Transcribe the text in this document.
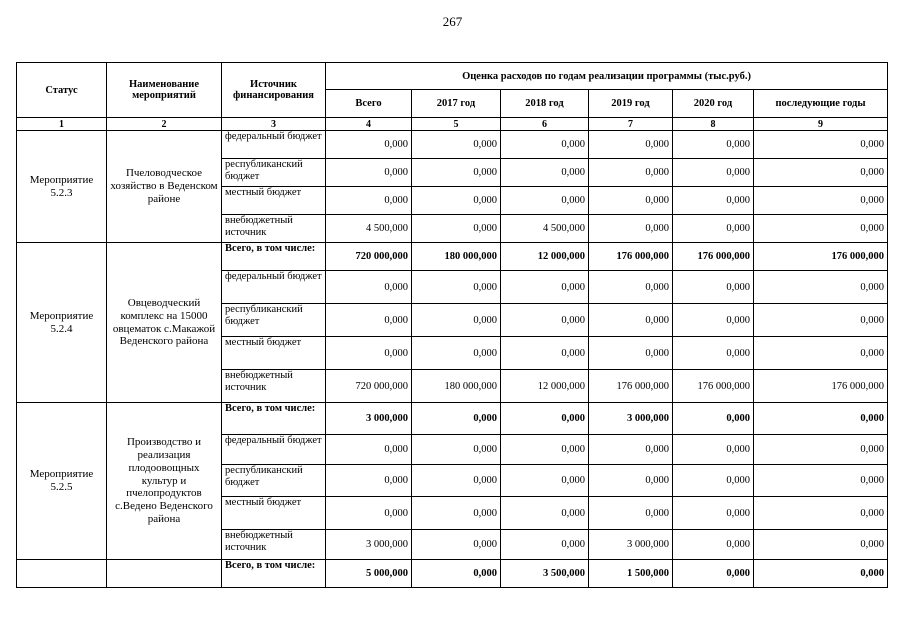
267
Статус	Наименование мероприятий	Источник финансирования	Оценка расходов по годам реализации программы (тыс.руб.)					
			Всего	2017 год	2018 год	2019 год	2020 год	последующие годы
1	2	3	4	5	6	7	8	9
Мероприятие 5.2.3	Пчеловодческое хозяйство в Веденском районе	федеральный бюджет	0,000	0,000	0,000	0,000	0,000	0,000
		республиканский бюджет	0,000	0,000	0,000	0,000	0,000	0,000
		местный бюджет	0,000	0,000	0,000	0,000	0,000	0,000
		внебюджетный источник	4 500,000	0,000	4 500,000	0,000	0,000	0,000
Мероприятие 5.2.4	Овцеводческий комплекс на 15000 овцематок с.Макажой Веденского района	Всего, в том числе:	720 000,000	180 000,000	12 000,000	176 000,000	176 000,000	176 000,000
		федеральный бюджет	0,000	0,000	0,000	0,000	0,000	0,000
		республиканский бюджет	0,000	0,000	0,000	0,000	0,000	0,000
		местный бюджет	0,000	0,000	0,000	0,000	0,000	0,000
		внебюджетный источник	720 000,000	180 000,000	12 000,000	176 000,000	176 000,000	176 000,000
Мероприятие 5.2.5	Производство и реализация плодоовощных культур и пчелопродуктов с.Ведено Веденского района	Всего, в том числе:	3 000,000	0,000	0,000	3 000,000	0,000	0,000
		федеральный бюджет	0,000	0,000	0,000	0,000	0,000	0,000
		республиканский бюджет	0,000	0,000	0,000	0,000	0,000	0,000
		местный бюджет	0,000	0,000	0,000	0,000	0,000	0,000
		внебюджетный источник	3 000,000	0,000	0,000	3 000,000	0,000	0,000
		Всего, в том числе:	5 000,000	0,000	3 500,000	1 500,000	0,000	0,000
